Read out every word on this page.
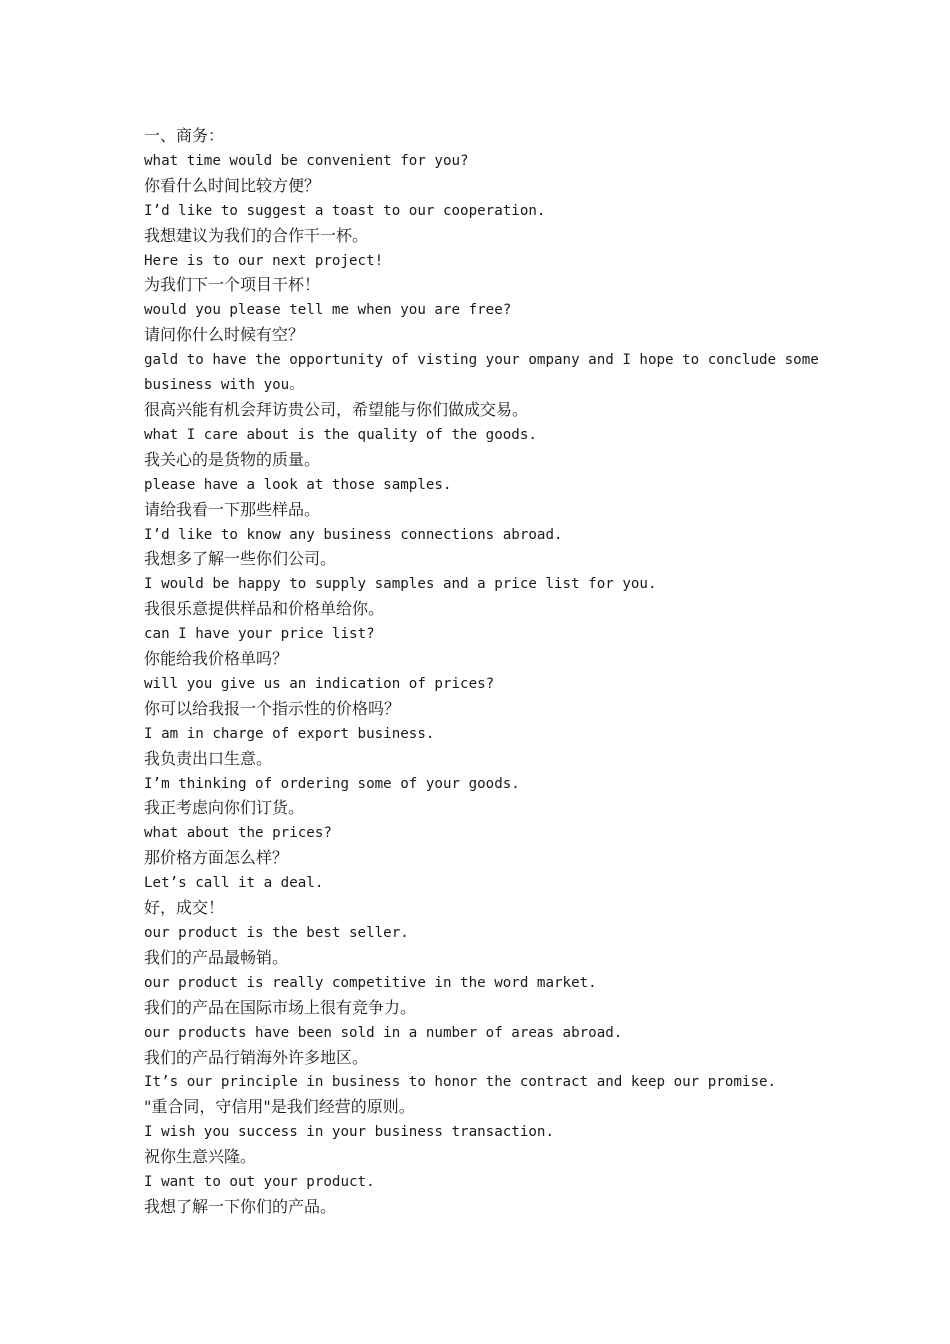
一、商务：
what time would be convenient for you?
你看什么时间比较方便？
I’d like to suggest a toast to our cooperation.
我想建议为我们的合作干一杯。
Here is to our next project!
为我们下一个项目干杯！
would you please tell me when you are free?
请问你什么时候有空？
gald to have the opportunity of visting your ompany and I hope to conclude some business with you。
很高兴能有机会拜访贵公司，希望能与你们做成交易。
what I care about is the quality of the goods.
我关心的是货物的质量。
please have a look at those samples.
请给我看一下那些样品。
I’d like to know any business connections abroad.
我想多了解一些你们公司。
I would be happy to supply samples and a price list for you.
我很乐意提供样品和价格单给你。
can I have your price list?
你能给我价格单吗？
will you give us an indication of prices?
你可以给我报一个指示性的价格吗？
I am in charge of export business.
我负责出口生意。
I’m thinking of ordering some of your goods.
我正考虑向你们订货。
what about the prices?
那价格方面怎么样？
Let’s call it a deal.
好，成交！
our product is the best seller.
我们的产品最畅销。
our product is really competitive in the word market.
我们的产品在国际市场上很有竞争力。
our products have been sold in a number of areas abroad.
我们的产品行销海外许多地区。
It’s our principle in business to honor the contract and keep our promise.
"重合同，守信用"是我们经营的原则。
I wish you success in your business transaction.
祝你生意兴隆。
I want to out your product.
我想了解一下你们的产品。
